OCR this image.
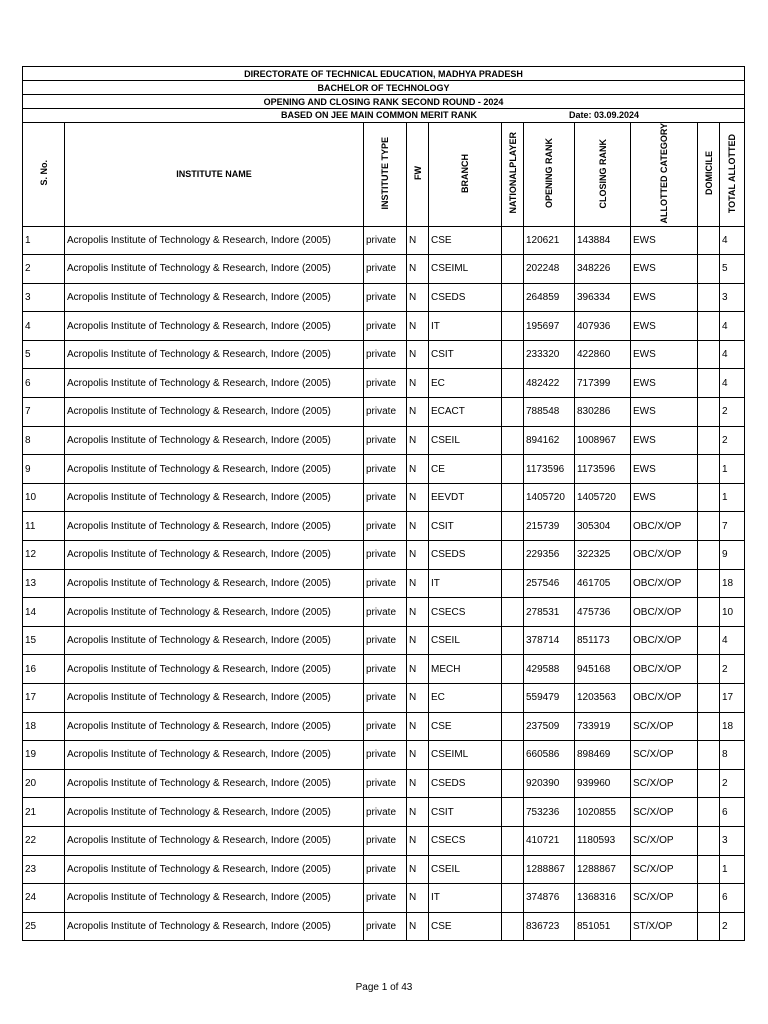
DIRECTORATE OF TECHNICAL EDUCATION, MADHYA PRADESH										
BACHELOR OF TECHNOLOGY										
OPENING AND CLOSING RANK SECOND ROUND - 2024										

BASED ON JEE MAIN COMMON MERIT RANK Date: 03.09.2024										

S. No.	INSTITUTE NAME	INSTITUTE TYPE	FW	BRANCH	NATIONALPLAYER	OPENING RANK	CLOSING RANK	ALLOTTED CATEGORY	DOMICILE	TOTAL ALLOTTED
1	Acropolis Institute of Technology & Research, Indore (2005)	private	N	CSE		120621	143884	EWS		4
2	Acropolis Institute of Technology & Research, Indore (2005)	private	N	CSEIML		202248	348226	EWS		5
3	Acropolis Institute of Technology & Research, Indore (2005)	private	N	CSEDS		264859	396334	EWS		3
4	Acropolis Institute of Technology & Research, Indore (2005)	private	N	IT		195697	407936	EWS		4
5	Acropolis Institute of Technology & Research, Indore (2005)	private	N	CSIT		233320	422860	EWS		4
6	Acropolis Institute of Technology & Research, Indore (2005)	private	N	EC		482422	717399	EWS		4
7	Acropolis Institute of Technology & Research, Indore (2005)	private	N	ECACT		788548	830286	EWS		2
8	Acropolis Institute of Technology & Research, Indore (2005)	private	N	CSEIL		894162	1008967	EWS		2
9	Acropolis Institute of Technology & Research, Indore (2005)	private	N	CE		1173596	1173596	EWS		1
10	Acropolis Institute of Technology & Research, Indore (2005)	private	N	EEVDT		1405720	1405720	EWS		1
11	Acropolis Institute of Technology & Research, Indore (2005)	private	N	CSIT		215739	305304	OBC/X/OP		7
12	Acropolis Institute of Technology & Research, Indore (2005)	private	N	CSEDS		229356	322325	OBC/X/OP		9
13	Acropolis Institute of Technology & Research, Indore (2005)	private	N	IT		257546	461705	OBC/X/OP		18
14	Acropolis Institute of Technology & Research, Indore (2005)	private	N	CSECS		278531	475736	OBC/X/OP		10
15	Acropolis Institute of Technology & Research, Indore (2005)	private	N	CSEIL		378714	851173	OBC/X/OP		4
16	Acropolis Institute of Technology & Research, Indore (2005)	private	N	MECH		429588	945168	OBC/X/OP		2
17	Acropolis Institute of Technology & Research, Indore (2005)	private	N	EC		559479	1203563	OBC/X/OP		17
18	Acropolis Institute of Technology & Research, Indore (2005)	private	N	CSE		237509	733919	SC/X/OP		18
19	Acropolis Institute of Technology & Research, Indore (2005)	private	N	CSEIML		660586	898469	SC/X/OP		8
20	Acropolis Institute of Technology & Research, Indore (2005)	private	N	CSEDS		920390	939960	SC/X/OP		2
21	Acropolis Institute of Technology & Research, Indore (2005)	private	N	CSIT		753236	1020855	SC/X/OP		6
22	Acropolis Institute of Technology & Research, Indore (2005)	private	N	CSECS		410721	1180593	SC/X/OP		3
23	Acropolis Institute of Technology & Research, Indore (2005)	private	N	CSEIL		1288867	1288867	SC/X/OP		1
24	Acropolis Institute of Technology & Research, Indore (2005)	private	N	IT		374876	1368316	SC/X/OP		6
25	Acropolis Institute of Technology & Research, Indore (2005)	private	N	CSE		836723	851051	ST/X/OP		2
Page 1 of 43
